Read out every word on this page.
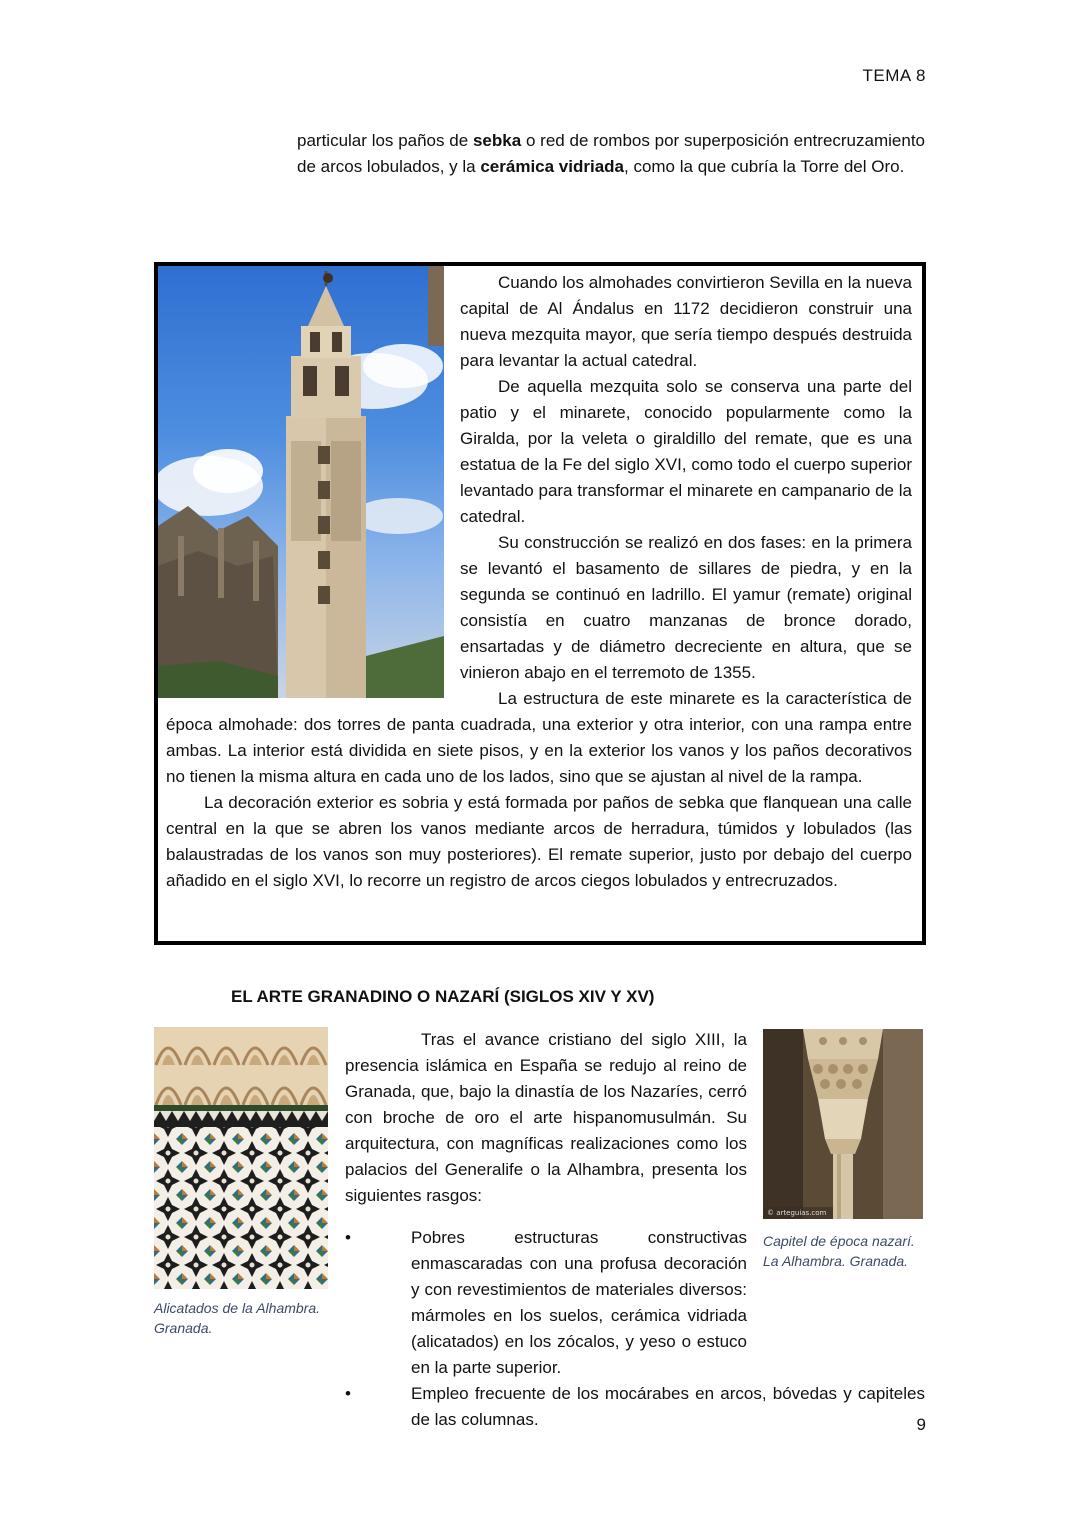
TEMA 8
particular los paños de sebka o red de rombos por superposición entrecruzamiento de arcos lobulados, y la cerámica vidriada, como la que cubría la Torre del Oro.

Cuando los almohades convirtieron Sevilla en la nueva capital de Al Ándalus en 1172 decidieron construir una nueva mezquita mayor, que sería tiempo después destruida para levantar la actual catedral.

De aquella mezquita solo se conserva una parte del patio y el minarete, conocido popularmente como la Giralda, por la veleta o giraldillo del remate, que es una estatua de la Fe del siglo XVI, como todo el cuerpo superior levantado para transformar el minarete en campanario de la catedral.

Su construcción se realizó en dos fases: en la primera se levantó el basamento de sillares de piedra, y en la segunda se continuó en ladrillo. El yamur (remate) original consistía en cuatro manzanas de bronce dorado, ensartadas y de diámetro decreciente en altura, que se vinieron abajo en el terremoto de 1355.

La estructura de este minarete es la característica de época almohade: dos torres de panta cuadrada, una exterior y otra interior, con una rampa entre ambas. La interior está dividida en siete pisos, y en la exterior los vanos y los paños decorativos no tienen la misma altura en cada uno de los lados, sino que se ajustan al nivel de la rampa.

La decoración exterior es sobria y está formada por paños de sebka que flanquean una calle central en la que se abren los vanos mediante arcos de herradura, túmidos y lobulados (las balaustradas de los vanos son muy posteriores). El remate superior, justo por debajo del cuerpo añadido en el siglo XVI, lo recorre un registro de arcos ciegos lobulados y entrecruzados.

EL ARTE GRANADINO O NAZARÍ (SIGLOS XIV Y XV)
Alicatados de la Alhambra. Granada.
© arteguias.com
Capitel de época nazarí. La Alhambra. Granada.

Tras el avance cristiano del siglo XIII, la presencia islámica en España se redujo al reino de Granada, que, bajo la dinastía de los Nazaríes, cerró con broche de oro el arte hispanomusulmán. Su arquitectura, con magníficas realizaciones como los palacios del Generalife o la Alhambra, presenta los siguientes rasgos:

•	Pobres estructuras constructivas enmascaradas con una profusa decoración y con revestimientos de materiales diversos: mármoles en los suelos, cerámica vidriada (alicatados) en los zócalos, y yeso o estuco en la parte superior.
•	Empleo frecuente de los mocárabes en arcos, bóvedas y capiteles de las columnas.	9
